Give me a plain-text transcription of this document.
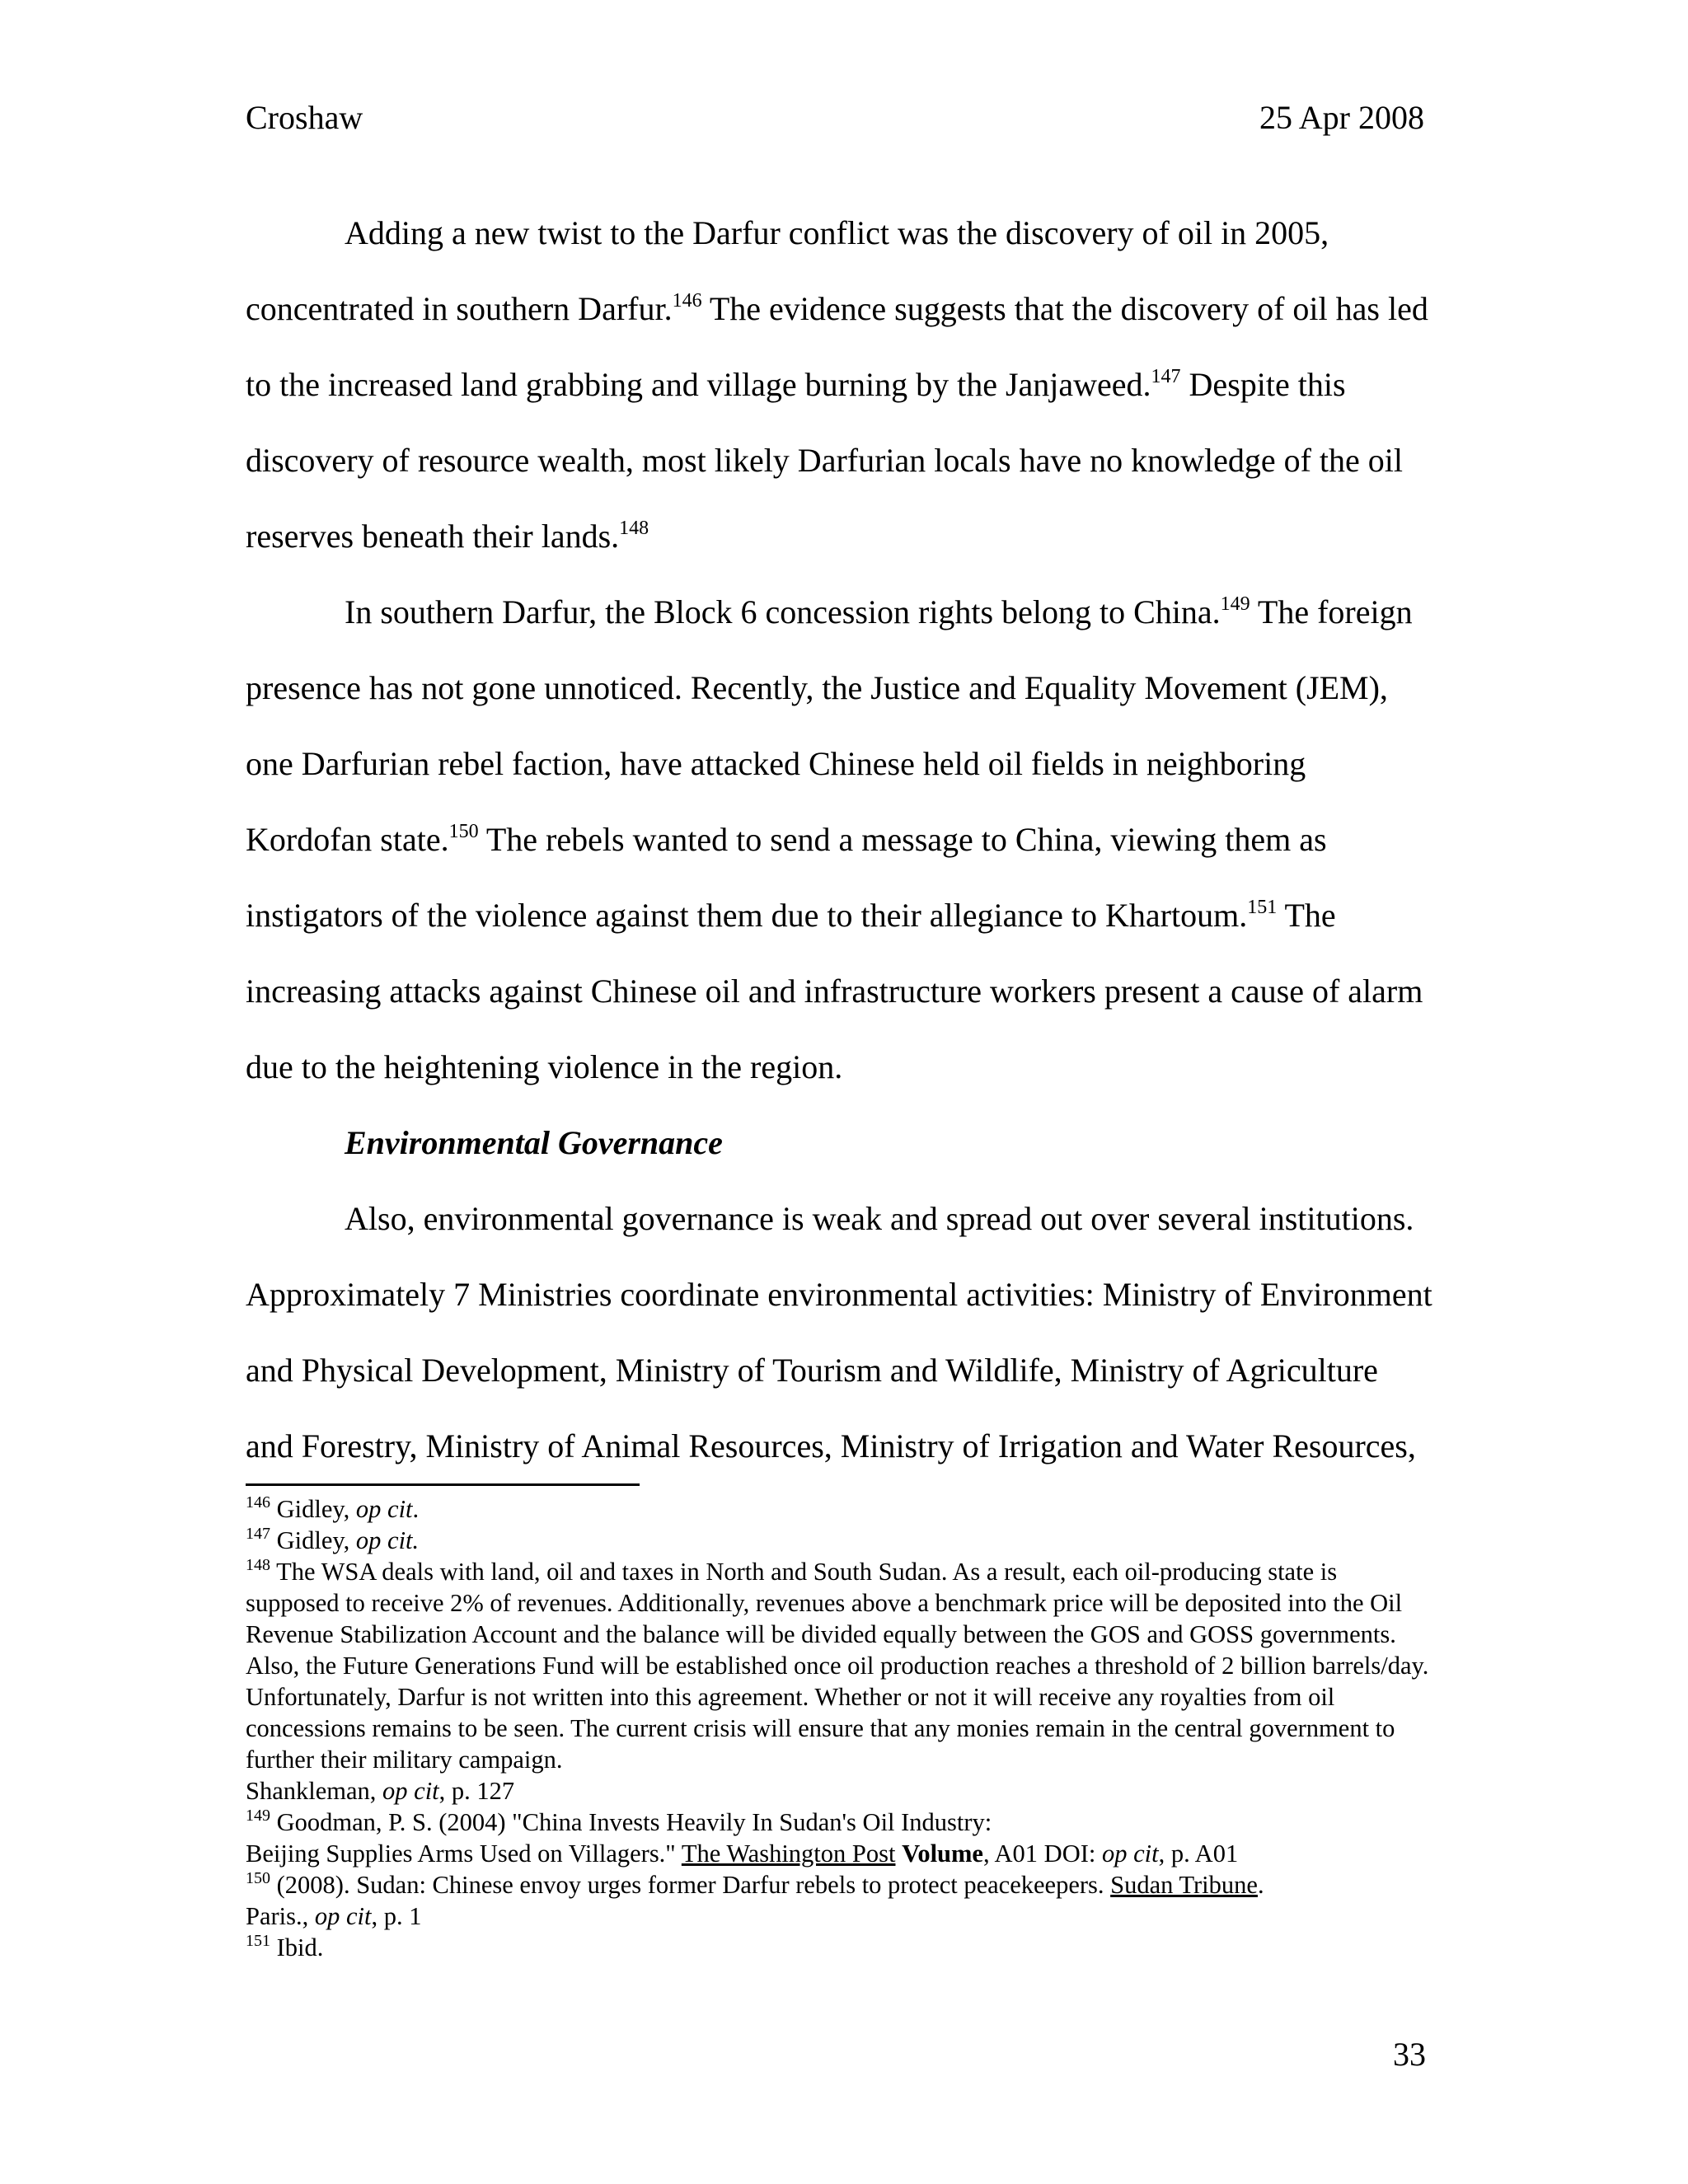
Croshaw	25 Apr 2008

Adding a new twist to the Darfur conflict was the discovery of oil in 2005, concentrated in southern Darfur.$^{146}$ The evidence suggests that the discovery of oil has led to the increased land grabbing and village burning by the Janjaweed.$^{147}$ Despite this discovery of resource wealth, most likely Darfurian locals have no knowledge of the oil reserves beneath their lands.$^{148}$

In southern Darfur, the Block 6 concession rights belong to China.$^{149}$ The foreign presence has not gone unnoticed. Recently, the Justice and Equality Movement (JEM), one Darfurian rebel faction, have attacked Chinese held oil fields in neighboring Kordofan state.$^{150}$ The rebels wanted to send a message to China, viewing them as instigators of the violence against them due to their allegiance to Khartoum.$^{151}$ The increasing attacks against Chinese oil and infrastructure workers present a cause of alarm due to the heightening violence in the region.

Environmental Governance

Also, environmental governance is weak and spread out over several institutions. Approximately 7 Ministries coordinate environmental activities: Ministry of Environment and Physical Development, Ministry of Tourism and Wildlife, Ministry of Agriculture and Forestry, Ministry of Animal Resources, Ministry of Irrigation and Water Resources,

$^{146}$ Gidley, op cit.

$^{147}$ Gidley, op cit.

$^{148}$ The WSA deals with land, oil and taxes in North and South Sudan. As a result, each oil-producing state is supposed to receive 2% of revenues. Additionally, revenues above a benchmark price will be deposited into the Oil Revenue Stabilization Account and the balance will be divided equally between the GOS and GOSS governments. Also, the Future Generations Fund will be established once oil production reaches a threshold of 2 billion barrels/day. Unfortunately, Darfur is not written into this agreement. Whether or not it will receive any royalties from oil concessions remains to be seen. The current crisis will ensure that any monies remain in the central government to further their military campaign.
Shankleman, op cit, p. 127

$^{149}$ Goodman, P. S. (2004) "China Invests Heavily In Sudan's Oil Industry:
Beijing Supplies Arms Used on Villagers." The Washington Post Volume, A01 DOI: op cit, p. A01

$^{150}$ (2008). Sudan: Chinese envoy urges former Darfur rebels to protect peacekeepers. Sudan Tribune.
Paris., op cit, p. 1

$^{151}$ Ibid.

33
